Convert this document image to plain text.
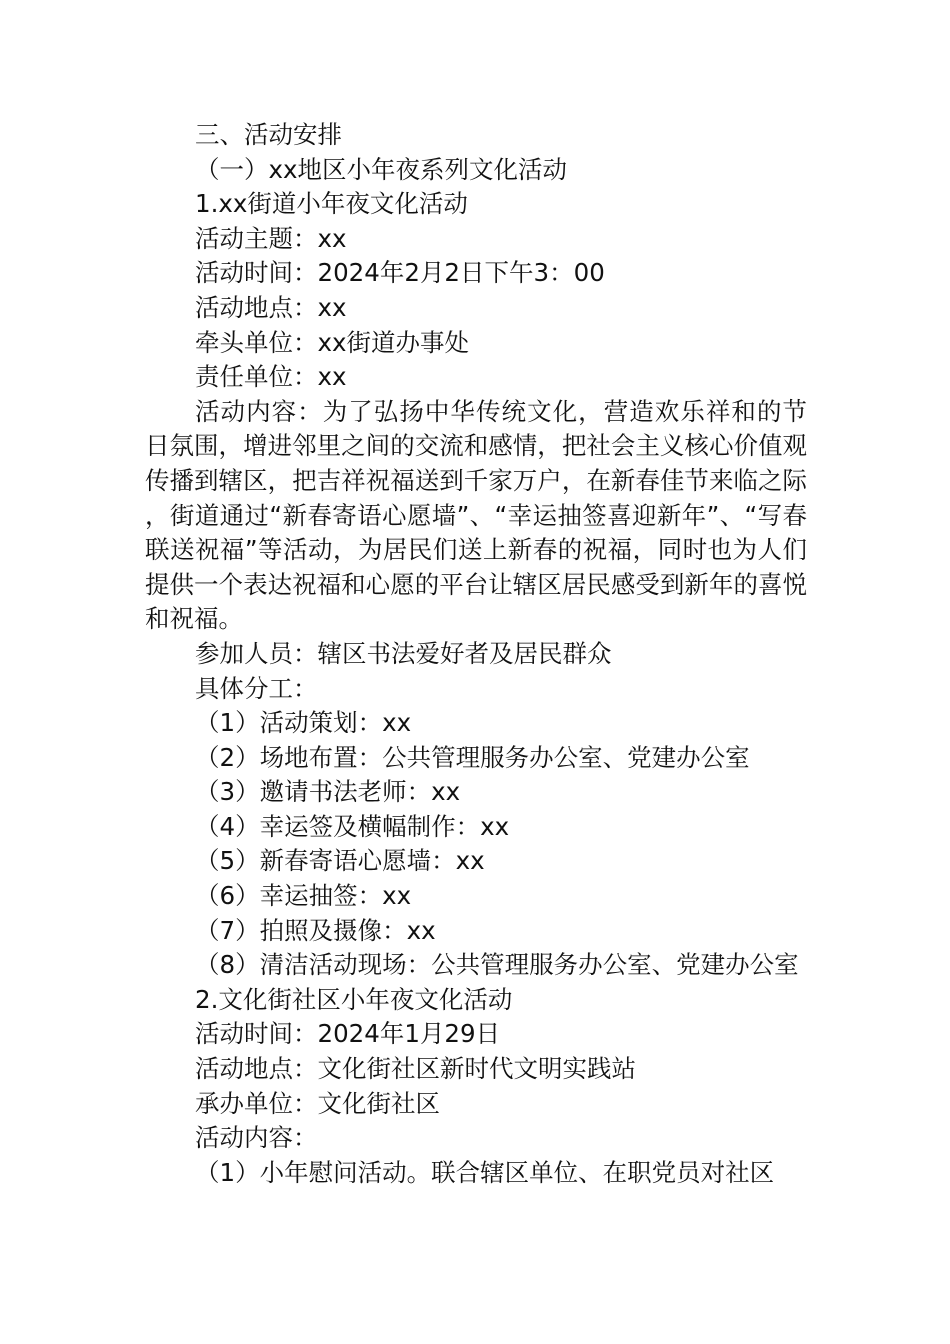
三、活动安排

（一）xx地区小年夜系列文化活动

1.xx街道小年夜文化活动

活动主题：xx

活动时间：2024年2月2日下午3：00

活动地点：xx

牵头单位：xx街道办事处

责任单位：xx

活动内容：为了弘扬中华传统文化，营造欢乐祥和的节日氛围，增进邻里之间的交流和感情，把社会主义核心价值观传播到辖区，把吉祥祝福送到千家万户，在新春佳节来临之际，街道通过“新春寄语心愿墙”、“幸运抽签喜迎新年”、“写春联送祝福”等活动，为居民们送上新春的祝福，同时也为人们提供一个表达祝福和心愿的平台让辖区居民感受到新年的喜悦和祝福。

参加人员：辖区书法爱好者及居民群众

具体分工：

（1）活动策划：xx

（2）场地布置：公共管理服务办公室、党建办公室

（3）邀请书法老师：xx

（4）幸运签及横幅制作：xx

（5）新春寄语心愿墙：xx

（6）幸运抽签：xx

（7）拍照及摄像：xx

（8）清洁活动现场：公共管理服务办公室、党建办公室

2.文化街社区小年夜文化活动

活动时间：2024年1月29日

活动地点：文化街社区新时代文明实践站

承办单位：文化街社区

活动内容：

（1）小年慰问活动。联合辖区单位、在职党员对社区
